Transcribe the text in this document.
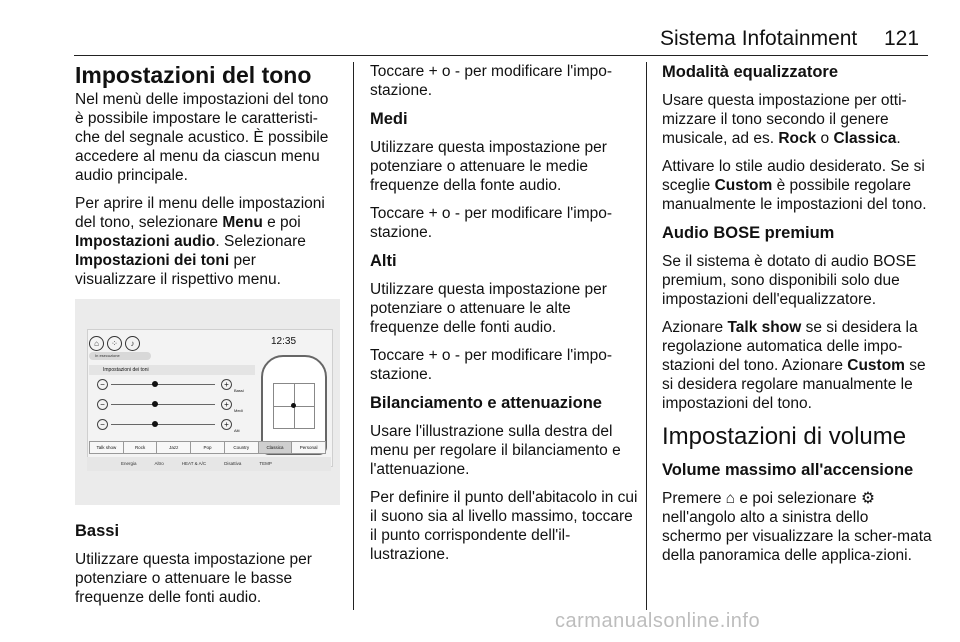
Sistema Infotainment 121
Impostazioni del tono

Nel menù delle impostazioni del tono è possibile impostare le caratteristi-che del segnale acustico. È possibile accedere al menu da ciascun menu audio principale.

Per aprire il menu delle impostazioni del tono, selezionare Menu e poi Impostazioni audio. Selezionare Impostazioni dei toni per visualizzare il rispettivo menu.

⌂ ⁘ ♪	12:35
In esecuzione
Impostazioni dei toni
−	+
Bassi
−	+
Medi
−	+
Alti
Talk show	Rock	Jazz	Pop	Country	Classica	Personal
Energia	Altro	HEAT & A/C	Disattiva	TEMP
Bassi

Utilizzare questa impostazione per potenziare o attenuare le basse frequenze delle fonti audio.

Toccare + o - per modificare l'impo-stazione.

Medi

Utilizzare questa impostazione per potenziare o attenuare le medie frequenze della fonte audio.

Toccare + o - per modificare l'impo-stazione.

Alti

Utilizzare questa impostazione per potenziare o attenuare le alte frequenze delle fonti audio.

Toccare + o - per modificare l'impo-stazione.

Bilanciamento e attenuazione

Usare l'illustrazione sulla destra del menu per regolare il bilanciamento e l'attenuazione.

Per definire il punto dell'abitacolo in cui il suono sia al livello massimo, toccare il punto corrispondente dell'il-lustrazione.

Modalità equalizzatore

Usare questa impostazione per otti-mizzare il tono secondo il genere musicale, ad es. Rock o Classica.

Attivare lo stile audio desiderato. Se si sceglie Custom è possibile regolare manualmente le impostazioni del tono.

Audio BOSE premium

Se il sistema è dotato di audio BOSE premium, sono disponibili solo due impostazioni dell'equalizzatore.

Azionare Talk show se si desidera la regolazione automatica delle impo-stazioni del tono. Azionare Custom se si desidera regolare manualmente le impostazioni del tono.

Impostazioni di volume
Volume massimo all'accensione

Premere ⌂ e poi selezionare ⚙ nell'angolo alto a sinistra dello schermo per visualizzare la scher-mata della panoramica delle applica-zioni.

carmanualsonline.info
